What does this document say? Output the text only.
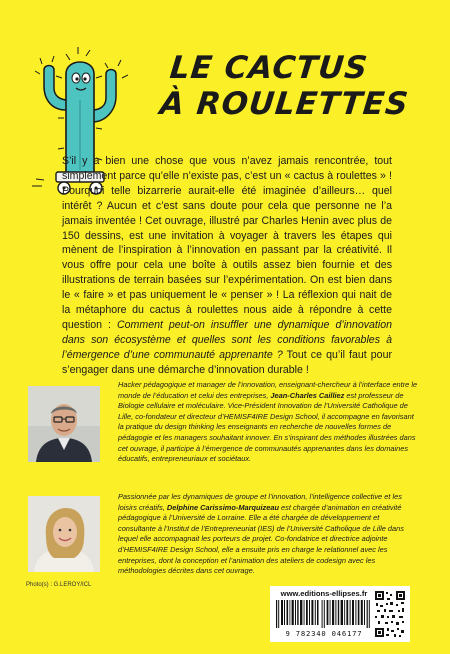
LE CACTUS
À ROULETTES
S’il y a bien une chose que vous n’avez jamais rencontrée, tout simplement parce qu’elle n’existe pas, c’est un « cactus à roulettes » ! Pourquoi telle bizarrerie aurait-elle été imaginée d’ailleurs… quel intérêt ? Aucun et c’est sans doute pour cela que personne ne l’a jamais inventée ! Cet ouvrage, illustré par Charles Henin avec plus de 150 dessins, est une invitation à voyager à travers les étapes qui mènent de l’inspiration à l’innovation en passant par la créativité. Il vous offre pour cela une boîte à outils assez bien fournie et des illustrations de terrain basées sur l’expérimentation. On est bien dans le « faire » et pas uniquement le « penser » ! La réflexion qui nait de la métaphore du cactus à roulettes nous aide à répondre à cette question : Comment peut-on insuffler une dynamique d’innovation dans son écosystème et quelles sont les conditions favorables à l’émergence d’une communauté apprenante ? Tout ce qu’il faut pour s’engager dans une démarche d’innovation durable !
Hacker pédagogique et manager de l’innovation, enseignant-chercheur à l’interface entre le monde de l’éducation et celui des entreprises, Jean-Charles Cailliez est professeur de Biologie cellulaire et moléculaire. Vice-Président Innovation de l’Université Catholique de Lille, co-fondateur et directeur d’HEMISF4IRE Design School, il accompagne en favorisant la pratique du design thinking les enseignants en recherche de nouvelles formes de pédagogie et les managers souhaitant innover. En s’inspirant des méthodes illustrées dans cet ouvrage, il participe à l’émergence de communautés apprenantes dans les domaines éducatifs, entrepreneuriaux et sociétaux.
Passionnée par les dynamiques de groupe et l’innovation, l’intelligence collective et les loisirs créatifs, Delphine Carissimo-Marquizeau est chargée d’animation en créativité pédagogique à l’Université de Lorraine. Elle a été chargée de développement et consultante à l’Institut de l’Entrepreneuriat (IES) de l’Université Catholique de Lille dans lequel elle accompagnait les porteurs de projet. Co-fondatrice et directrice adjointe d’HEMISF4IRE Design School, elle a ensuite pris en charge le relationnel avec les entreprises, dont la conception et l’animation des ateliers de codesign avec les méthodologies décrites dans cet ouvrage.
Photo(s) : G.LEROY/ICL
www.editions-ellipses.fr
9 782340 046177
